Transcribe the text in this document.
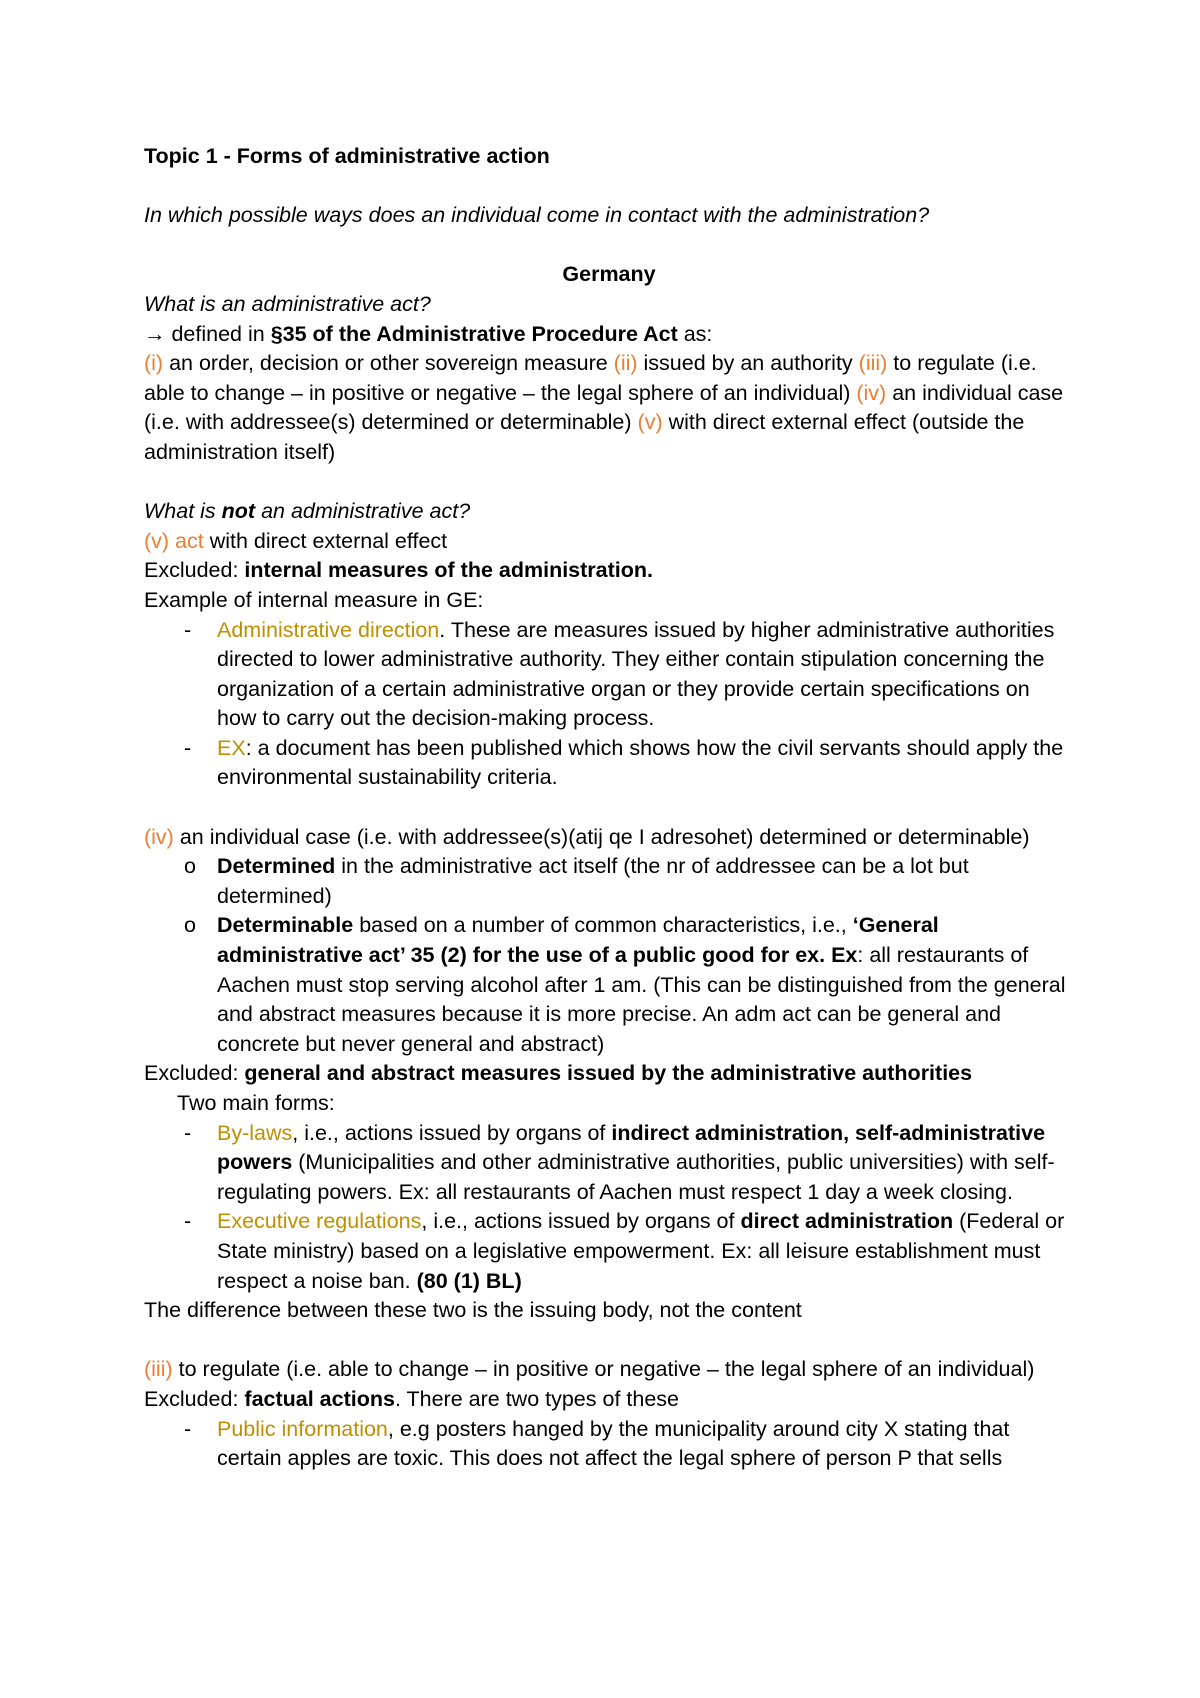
Topic 1 - Forms of administrative action

In which possible ways does an individual come in contact with the administration?

Germany

What is an administrative act?

→ defined in §35 of the Administrative Procedure Act as:

(i) an order, decision or other sovereign measure (ii) issued by an authority (iii) to regulate (i.e. able to change – in positive or negative – the legal sphere of an individual) (iv) an individual case (i.e. with addressee(s) determined or determinable) (v) with direct external effect (outside the administration itself)

What is not an administrative act?

(v) act with direct external effect

Excluded: internal measures of the administration.

Example of internal measure in GE:

- Administrative direction. These are measures issued by higher administrative authorities directed to lower administrative authority. They either contain stipulation concerning the organization of a certain administrative organ or they provide certain specifications on how to carry out the decision-making process.
- EX: a document has been published which shows how the civil servants should apply the environmental sustainability criteria.

(iv) an individual case (i.e. with addressee(s)(atij qe I adresohet) determined or determinable)

o Determined in the administrative act itself (the nr of addressee can be a lot but determined)
o Determinable based on a number of common characteristics, i.e., ‘General administrative act’ 35 (2) for the use of a public good for ex. Ex: all restaurants of Aachen must stop serving alcohol after 1 am. (This can be distinguished from the general and abstract measures because it is more precise. An adm act can be general and concrete but never general and abstract)

Excluded: general and abstract measures issued by the administrative authorities

Two main forms:

- By-laws, i.e., actions issued by organs of indirect administration, self-administrative powers (Municipalities and other administrative authorities, public universities) with self-regulating powers. Ex: all restaurants of Aachen must respect 1 day a week closing.
- Executive regulations, i.e., actions issued by organs of direct administration (Federal or State ministry) based on a legislative empowerment. Ex: all leisure establishment must respect a noise ban. (80 (1) BL)

The difference between these two is the issuing body, not the content

(iii) to regulate (i.e. able to change – in positive or negative – the legal sphere of an individual)

Excluded: factual actions. There are two types of these

- Public information, e.g posters hanged by the municipality around city X stating that certain apples are toxic. This does not affect the legal sphere of person P that sells
